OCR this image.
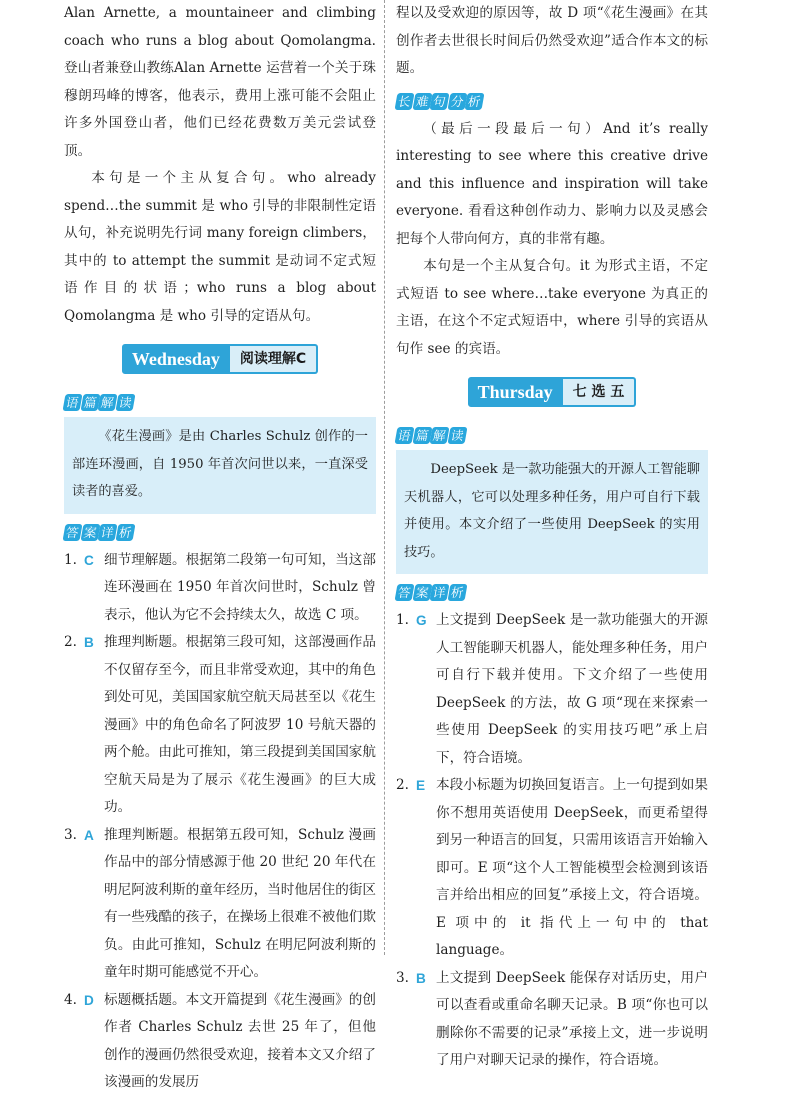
Alan Arnette, a mountaineer and climbing coach who runs a blog about Qomolangma. 登山者兼登山教练Alan Arnette 运营着一个关于珠穆朗玛峰的博客，他表示，费用上涨可能不会阻止许多外国登山者，他们已经花费数万美元尝试登顶。

本句是一个主从复合句。who already spend…the summit 是 who 引导的非限制性定语从句，补充说明先行词 many foreign climbers，其中的 to attempt the summit 是动词不定式短语作目的状语；who runs a blog about Qomolangma 是 who 引导的定语从句。

Wednesday	阅读理解C
语 篇 解 读
《花生漫画》是由 Charles Schulz 创作的一部连环漫画，自 1950 年首次问世以来，一直深受读者的喜爱。
答 案 详 析
1. C 细节理解题。根据第二段第一句可知，当这部连环漫画在 1950 年首次问世时，Schulz 曾表示，他认为它不会持续太久，故选 C 项。
2. B 推理判断题。根据第三段可知，这部漫画作品不仅留存至今，而且非常受欢迎，其中的角色到处可见，美国国家航空航天局甚至以《花生漫画》中的角色命名了阿波罗 10 号航天器的两个舱。由此可推知，第三段提到美国国家航空航天局是为了展示《花生漫画》的巨大成功。
3. A 推理判断题。根据第五段可知，Schulz 漫画作品中的部分情感源于他 20 世纪 20 年代在明尼阿波利斯的童年经历，当时他居住的街区有一些残酷的孩子，在操场上很难不被他们欺负。由此可推知，Schulz 在明尼阿波利斯的童年时期可能感觉不开心。
4. D 标题概括题。本文开篇提到《花生漫画》的创作者 Charles Schulz 去世 25 年了，但他创作的漫画仍然很受欢迎，接着本文又介绍了该漫画的发展历

程以及受欢迎的原因等，故 D 项“《花生漫画》在其创作者去世很长时间后仍然受欢迎”适合作本文的标题。

长 难 句 分 析

（最后一段最后一句）And it’s really interesting to see where this creative drive and this influence and inspiration will take everyone. 看看这种创作动力、影响力以及灵感会把每个人带向何方，真的非常有趣。

本句是一个主从复合句。it 为形式主语，不定式短语 to see where…take everyone 为真正的主语，在这个不定式短语中，where 引导的宾语从句作 see 的宾语。

Thursday	七 选 五
语 篇 解 读
DeepSeek 是一款功能强大的开源人工智能聊天机器人，它可以处理多种任务，用户可自行下载并使用。本文介绍了一些使用 DeepSeek 的实用技巧。
答 案 详 析
1. G 上文提到 DeepSeek 是一款功能强大的开源人工智能聊天机器人，能处理多种任务，用户可自行下载并使用。下文介绍了一些使用 DeepSeek 的方法，故 G 项“现在来探索一些使用 DeepSeek 的实用技巧吧”承上启下，符合语境。
2. E 本段小标题为切换回复语言。上一句提到如果你不想用英语使用 DeepSeek，而更希望得到另一种语言的回复，只需用该语言开始输入即可。E 项“这个人工智能模型会检测到该语言并给出相应的回复”承接上文，符合语境。E 项中的 it 指代上一句中的 that language。
3. B 上文提到 DeepSeek 能保存对话历史，用户可以查看或重命名聊天记录。B 项“你也可以删除你不需要的记录”承接上文，进一步说明了用户对聊天记录的操作，符合语境。
